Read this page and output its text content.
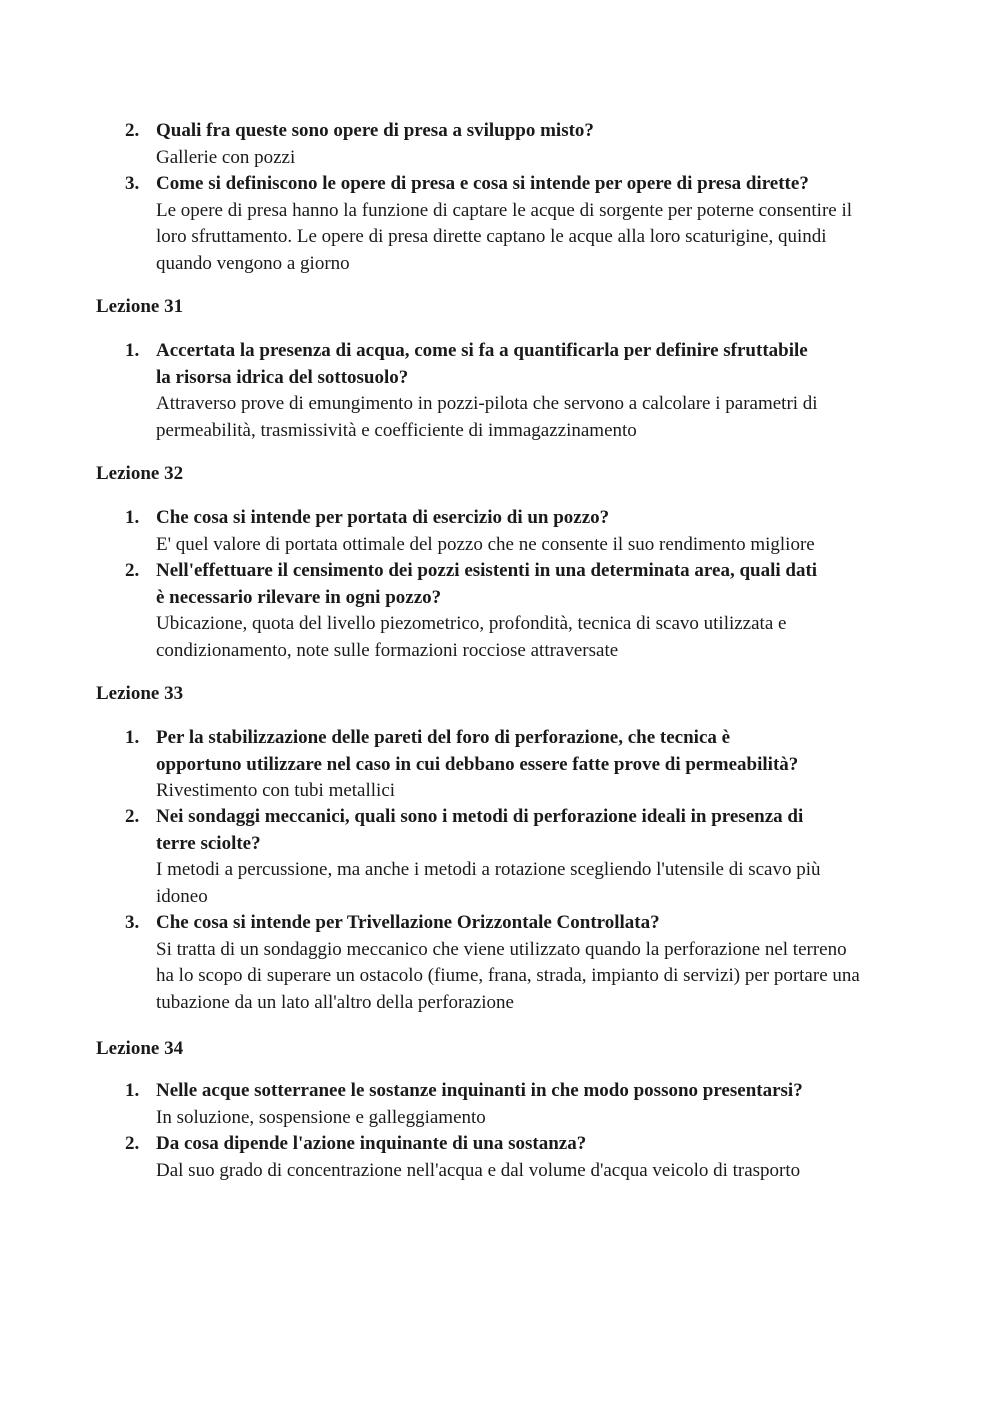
2. Quali fra queste sono opere di presa a sviluppo misto?
Gallerie con pozzi
3. Come si definiscono le opere di presa e cosa si intende per opere di presa dirette?
Le opere di presa hanno la funzione di captare le acque di sorgente per poterne consentire il
loro sfruttamento. Le opere di presa dirette captano le acque alla loro scaturigine, quindi
quando vengono a giorno
Lezione 31
1. Accertata la presenza di acqua, come si fa a quantificarla per definire sfruttabile
la risorsa idrica del sottosuolo?
Attraverso prove di emungimento in pozzi-pilota che servono a calcolare i parametri di
permeabilità, trasmissività e coefficiente di immagazzinamento
Lezione 32
1. Che cosa si intende per portata di esercizio di un pozzo?
E' quel valore di portata ottimale del pozzo che ne consente il suo rendimento migliore
2. Nell'effettuare il censimento dei pozzi esistenti in una determinata area, quali dati
è necessario rilevare in ogni pozzo?
Ubicazione, quota del livello piezometrico, profondità, tecnica di scavo utilizzata e
condizionamento, note sulle formazioni rocciose attraversate
Lezione 33
1. Per la stabilizzazione delle pareti del foro di perforazione, che tecnica è
opportuno utilizzare nel caso in cui debbano essere fatte prove di permeabilità?
Rivestimento con tubi metallici
2. Nei sondaggi meccanici, quali sono i metodi di perforazione ideali in presenza di
terre sciolte?
I metodi a percussione, ma anche i metodi a rotazione scegliendo l'utensile di scavo più
idoneo
3. Che cosa si intende per Trivellazione Orizzontale Controllata?
Si tratta di un sondaggio meccanico che viene utilizzato quando la perforazione nel terreno
ha lo scopo di superare un ostacolo (fiume, frana, strada, impianto di servizi) per portare una
tubazione da un lato all'altro della perforazione
Lezione 34
1. Nelle acque sotterranee le sostanze inquinanti in che modo possono presentarsi?
In soluzione, sospensione e galleggiamento
2. Da cosa dipende l'azione inquinante di una sostanza?
Dal suo grado di concentrazione nell'acqua e dal volume d'acqua veicolo di trasporto
